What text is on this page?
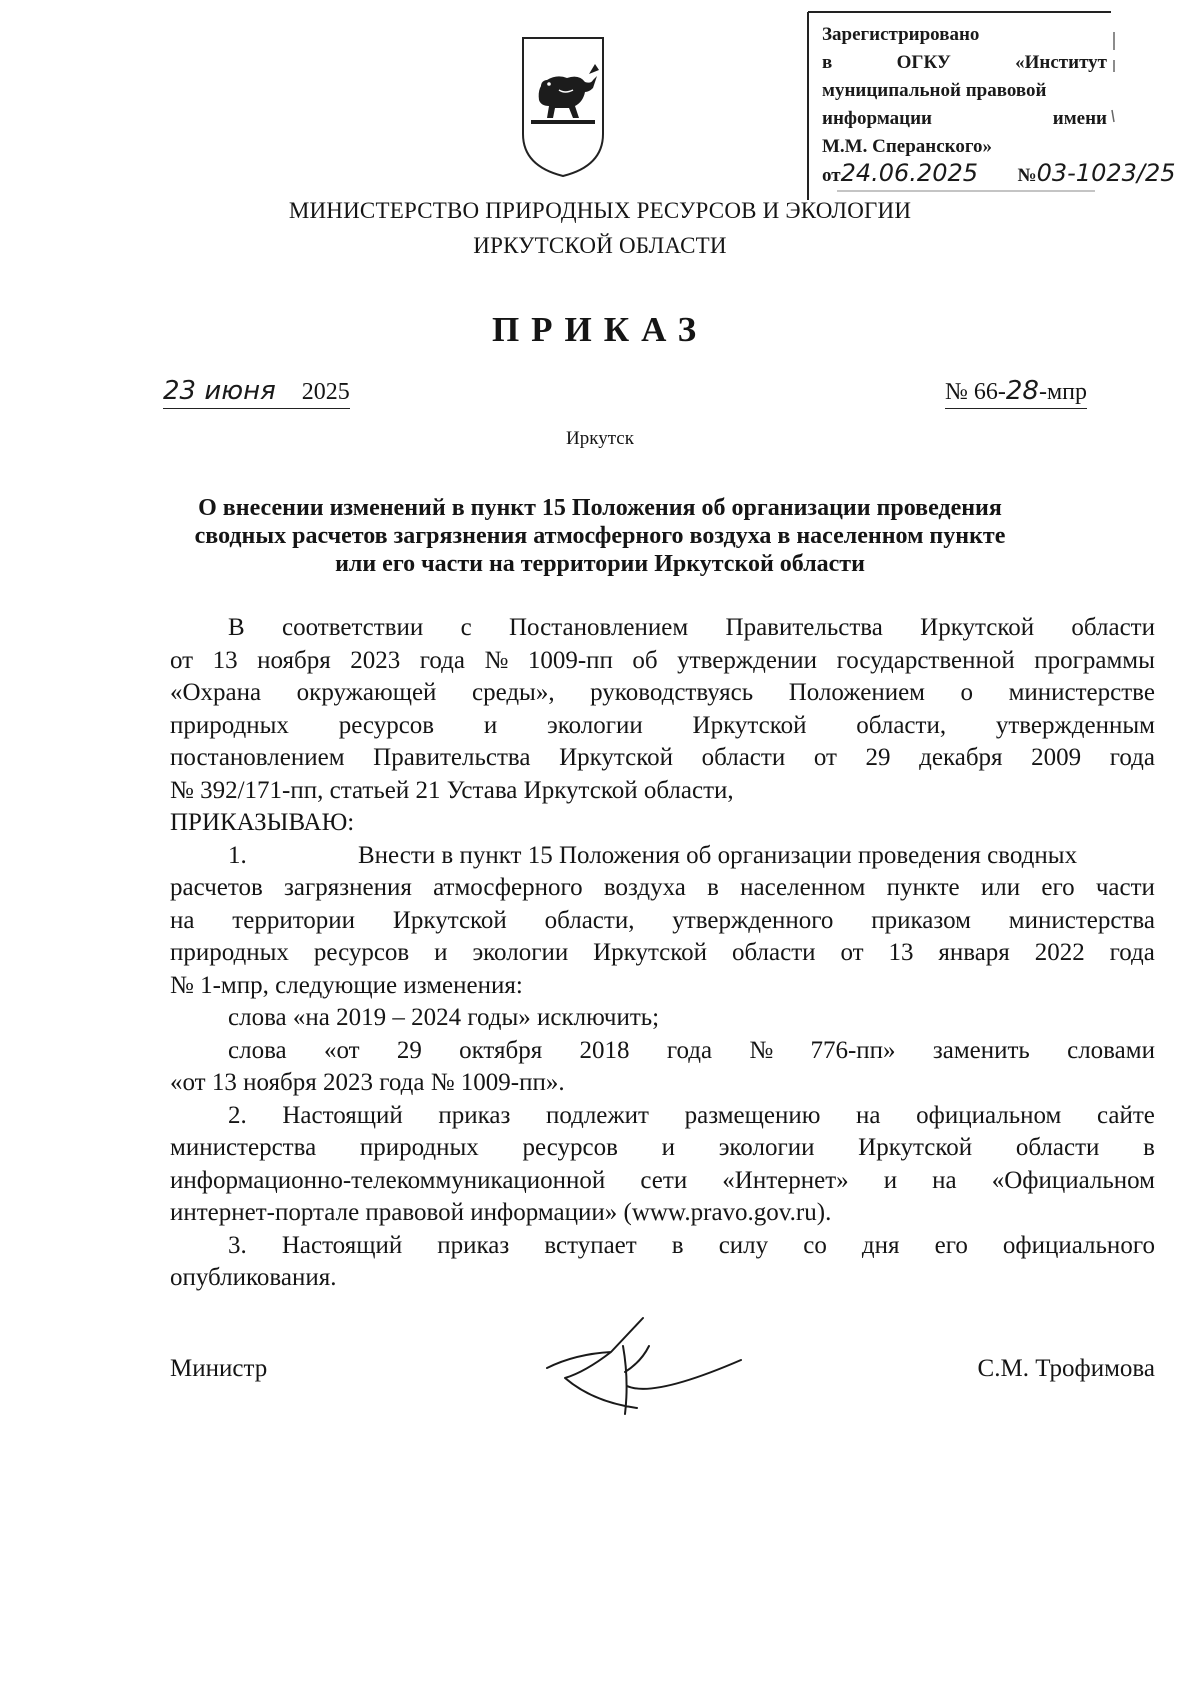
Зарегистрировано
в	ОГКУ	«Институт
муниципальной правовой
информации	имени
М.М. Сперанского»
от24.06.2025 №03-1023/25
МИНИСТЕРСТВО ПРИРОДНЫХ РЕСУРСОВ И ЭКОЛОГИИ
ИРКУТСКОЙ ОБЛАСТИ
ПРИКАЗ
23 июня 2025	№ 66-28-мпр
Иркутск
О внесении изменений в пункт 15 Положения об организации проведения
сводных расчетов загрязнения атмосферного воздуха в населенном пункте
или его части на территории Иркутской области
В соответствии с Постановлением Правительства Иркутской области
от 13 ноября 2023 года № 1009-пп об утверждении государственной программы
«Охрана окружающей среды», руководствуясь Положением о министерстве
природных ресурсов и экологии Иркутской области, утвержденным
постановлением Правительства Иркутской области от 29 декабря 2009 года
№ 392/171-пп, статьей 21 Устава Иркутской области,
ПРИКАЗЫВАЮ:
1.	Внести в пункт 15 Положения об организации проведения сводных
расчетов загрязнения атмосферного воздуха в населенном пункте или его части
на территории Иркутской области, утвержденного приказом министерства
природных ресурсов и экологии Иркутской области от 13 января 2022 года
№ 1-мпр, следующие изменения:
слова «на 2019 – 2024 годы» исключить;
слова «от 29 октября 2018 года № 776-пп» заменить словами
«от 13 ноября 2023 года № 1009-пп».
2. Настоящий приказ подлежит размещению на официальном сайте
министерства природных ресурсов и экологии Иркутской области в
информационно-телекоммуникационной сети «Интернет» и на «Официальном
интернет-портале правовой информации» (www.pravo.gov.ru).
3. Настоящий приказ вступает в силу со дня его официального
опубликования.
Министр	С.М. Трофимова
